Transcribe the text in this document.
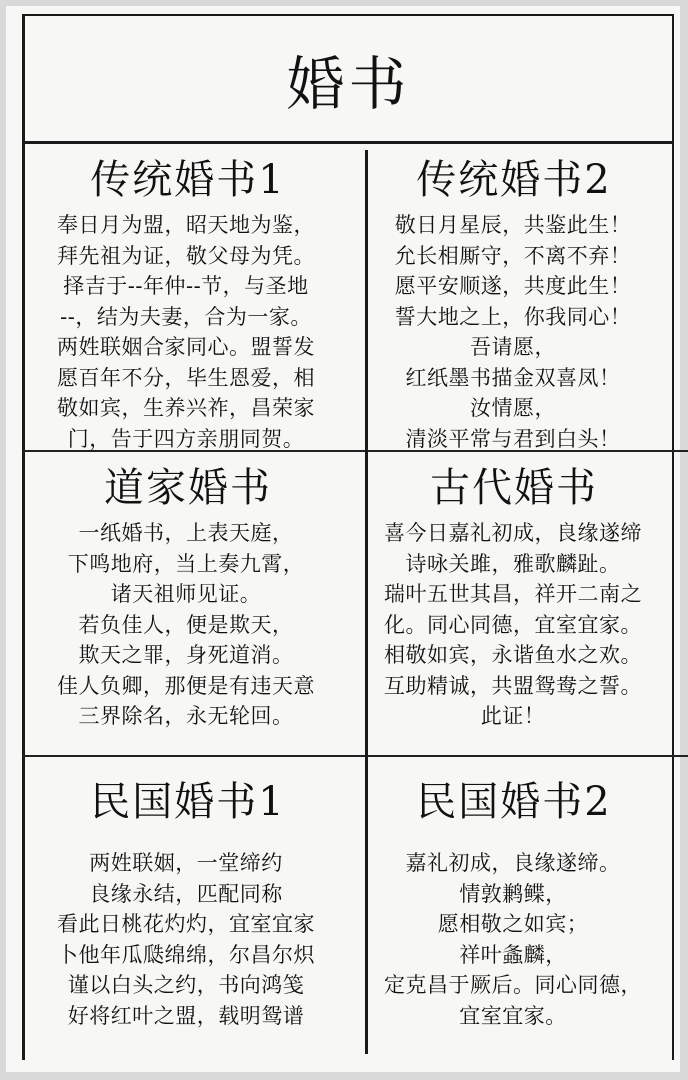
婚书
传统婚书1
奉日月为盟，昭天地为鉴，
拜先祖为证，敬父母为凭。
择吉于--年仲--节，与圣地
--，结为夫妻，合为一家。
两姓联姻合家同心。盟誓发
愿百年不分，毕生恩爱，相
敬如宾，生养兴祚，昌荣家
门，告于四方亲朋同贺。
传统婚书2
敬日月星辰，共鉴此生！
允长相厮守，不离不弃！
愿平安顺遂，共度此生！
誓大地之上，你我同心！
吾请愿，
红纸墨书描金双喜凤！
汝情愿，
清淡平常与君到白头！
道家婚书
一纸婚书，上表天庭，
下鸣地府，当上奏九霄，
诸天祖师见证。
若负佳人，便是欺天，
欺天之罪，身死道消。
佳人负卿，那便是有违天意
三界除名，永无轮回。
古代婚书
喜今日嘉礼初成，良缘遂缔
诗咏关雎，雅歌麟趾。
瑞叶五世其昌，祥开二南之
化。同心同德，宜室宜家。
相敬如宾，永谐鱼水之欢。
互助精诚，共盟鸳鸯之誓。
此证！
民国婚书1
两姓联姻，一堂缔约
良缘永结，匹配同称
看此日桃花灼灼，宜室宜家
卜他年瓜瓞绵绵，尔昌尔炽
谨以白头之约，书向鸿笺
好将红叶之盟，载明鸳谱
民国婚书2
嘉礼初成，良缘遂缔。
情敦鹣鲽，
愿相敬之如宾；
祥叶螽麟，
定克昌于厥后。同心同德，
宜室宜家。
